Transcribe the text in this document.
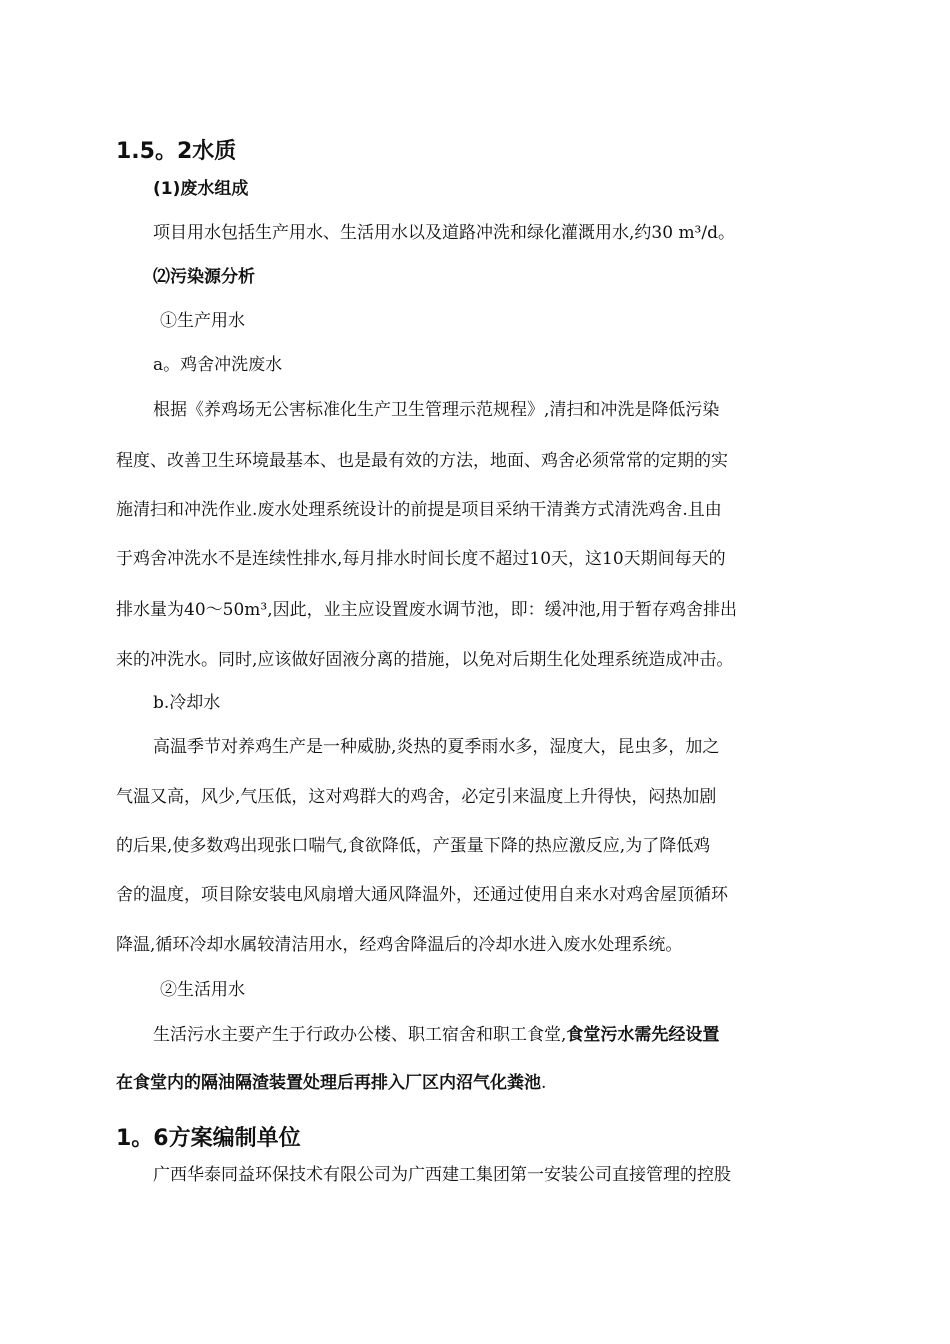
1.5。2水质
(1)废水组成
项目用水包括生产用水、生活用水以及道路冲洗和绿化灌溉用水,约30 m³/d。
⑵污染源分析
①生产用水
a。鸡舍冲洗废水
根据《养鸡场无公害标准化生产卫生管理示范规程》,清扫和冲洗是降低污染
程度、改善卫生环境最基本、也是最有效的方法，地面、鸡舍必须常常的定期的实
施清扫和冲洗作业.废水处理系统设计的前提是项目采纳干清粪方式清洗鸡舍.且由
于鸡舍冲洗水不是连续性排水,每月排水时间长度不超过10天，这10天期间每天的
排水量为40～50m³,因此，业主应设置废水调节池，即：缓冲池,用于暂存鸡舍排出
来的冲洗水。同时,应该做好固液分离的措施，以免对后期生化处理系统造成冲击。
b.冷却水
高温季节对养鸡生产是一种威胁,炎热的夏季雨水多，湿度大，昆虫多，加之
气温又高，风少,气压低，这对鸡群大的鸡舍，必定引来温度上升得快，闷热加剧
的后果,使多数鸡出现张口喘气,食欲降低，产蛋量下降的热应激反应,为了降低鸡
舍的温度，项目除安装电风扇增大通风降温外，还通过使用自来水对鸡舍屋顶循环
降温,循环冷却水属较清洁用水，经鸡舍降温后的冷却水进入废水处理系统。
②生活用水
生活污水主要产生于行政办公楼、职工宿舍和职工食堂,食堂污水需先经设置
在食堂内的隔油隔渣装置处理后再排入厂区内沼气化粪池.
1。6方案编制单位
广西华泰同益环保技术有限公司为广西建工集团第一安装公司直接管理的控股
